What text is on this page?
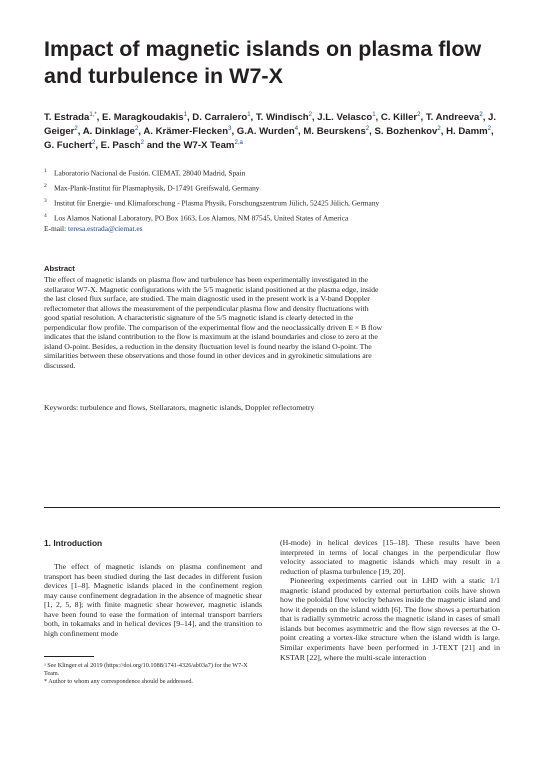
Impact of magnetic islands on plasma flow and turbulence in W7-X
T. Estrada$^{1,*}$, E. Maragkoudakis$^1$, D. Carralero$^1$, T. Windisch$^2$, J.L. Velasco$^1$, C. Killer$^2$, T. Andreeva$^2$, J. Geiger$^2$, A. Dinklage$^2$, A. Krämer-Flecken$^3$, G.A. Wurden$^4$, M. Beurskens$^2$, S. Bozhenkov$^2$, H. Damm$^2$, G. Fuchert$^2$, E. Pasch$^2$ and the W7-X Team$^{2,a}$
1 Laboratorio Nacional de Fusión. CIEMAT, 28040 Madrid, Spain
2 Max-Plank-Institut für Plasmaphysik, D-17491 Greifswald, Germany
3 Institut für Energie- und Klimaforschung - Plasma Physik, Forschungszentrum Jülich, 52425 Jülich, Germany
4 Los Alamos National Laboratory, PO Box 1663, Los Alamos, NM 87545, United States of America
E-mail: teresa.estrada@ciemat.es
Abstract
The effect of magnetic islands on plasma flow and turbulence has been experimentally investigated in the stellarator W7-X. Magnetic configurations with the 5/5 magnetic island positioned at the plasma edge, inside the last closed flux surface, are studied. The main diagnostic used in the present work is a V-band Doppler reflectometer that allows the measurement of the perpendicular plasma flow and density fluctuations with good spatial resolution. A characteristic signature of the 5/5 magnetic island is clearly detected in the perpendicular flow profile. The comparison of the experimental flow and the neoclassically driven E × B flow indicates that the island contribution to the flow is maximum at the island boundaries and close to zero at the island O-point. Besides, a reduction in the density fluctuation level is found nearby the island O-point. The similarities between these observations and those found in other devices and in gyrokinetic simulations are discussed.
Keywords: turbulence and flows, Stellarators, magnetic islands, Doppler reflectometry
1. Introduction

The effect of magnetic islands on plasma confinement and transport has been studied during the last decades in different fusion devices [1–8]. Magnetic islands placed in the confinement region may cause confinement degradation in the absence of magnetic shear [1, 2, 5, 8]; with finite magnetic shear however, magnetic islands have been found to ease the formation of internal transport barriers both, in tokamaks and in helical devices [9–14], and the transition to high confinement mode

(H-mode) in helical devices [15–18]. These results have been interpreted in terms of local changes in the perpendicular flow velocity associated to magnetic islands which may result in a reduction of plasma turbulence [19, 20].

Pioneering experiments carried out in LHD with a static 1/1 magnetic island produced by external perturbation coils have shown how the poloidal flow velocity behaves inside the magnetic island and how it depends on the island width [6]. The flow shows a perturbation that is radially symmetric across the magnetic island in cases of small islands but becomes asymmetric and the flow sign reverses at the O-point creating a vortex-like structure when the island width is large. Similar experiments have been performed in J-TEXT [21] and in KSTAR [22], where the multi-scale interaction

ᵃ See Klinger et al 2019 (https://doi.org/10.1088/1741-4326/ab03a7) for the W7-X Team.
* Author to whom any correspondence should be addressed.
